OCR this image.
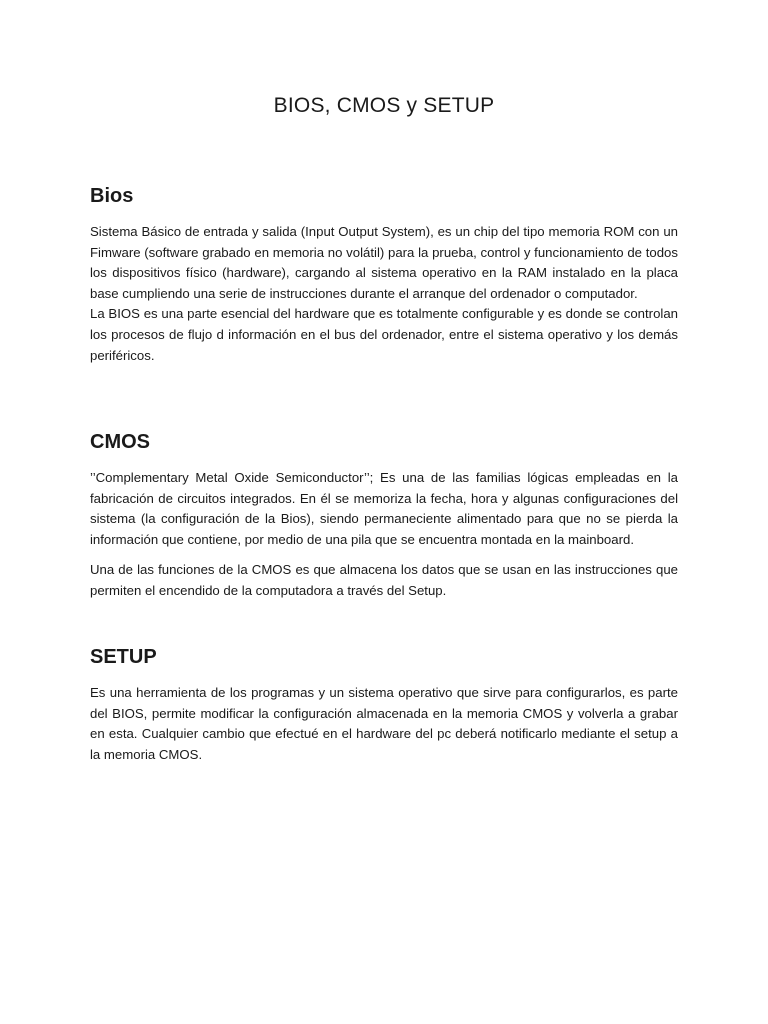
BIOS, CMOS y SETUP
Bios

Sistema Básico de entrada y salida (Input Output System), es un chip del tipo memoria ROM con un Fimware (software grabado en memoria no volátil) para la prueba, control y funcionamiento de todos los dispositivos físico (hardware), cargando al sistema operativo en la RAM instalado en la placa base cumpliendo una serie de instrucciones durante el arranque del ordenador o computador.

La BIOS es una parte esencial del hardware que es totalmente configurable y es donde se controlan los procesos de flujo d información en el bus del ordenador, entre el sistema operativo y los demás periféricos.

CMOS

’’Complementary Metal Oxide Semiconductor’’; Es una de las familias lógicas empleadas en la fabricación de circuitos integrados. En él se memoriza la fecha, hora y algunas configuraciones del sistema (la configuración de la Bios), siendo permaneciente alimentado para que no se pierda la información que contiene, por medio de una pila que se encuentra montada en la mainboard.

Una de las funciones de la CMOS es que almacena los datos que se usan en las instrucciones que permiten el encendido de la computadora a través del Setup.

SETUP

Es una herramienta de los programas y un sistema operativo que sirve para configurarlos, es parte del BIOS, permite modificar la configuración almacenada en la memoria CMOS y volverla a grabar en esta. Cualquier cambio que efectué en el hardware del pc deberá notificarlo mediante el setup a la memoria CMOS.
